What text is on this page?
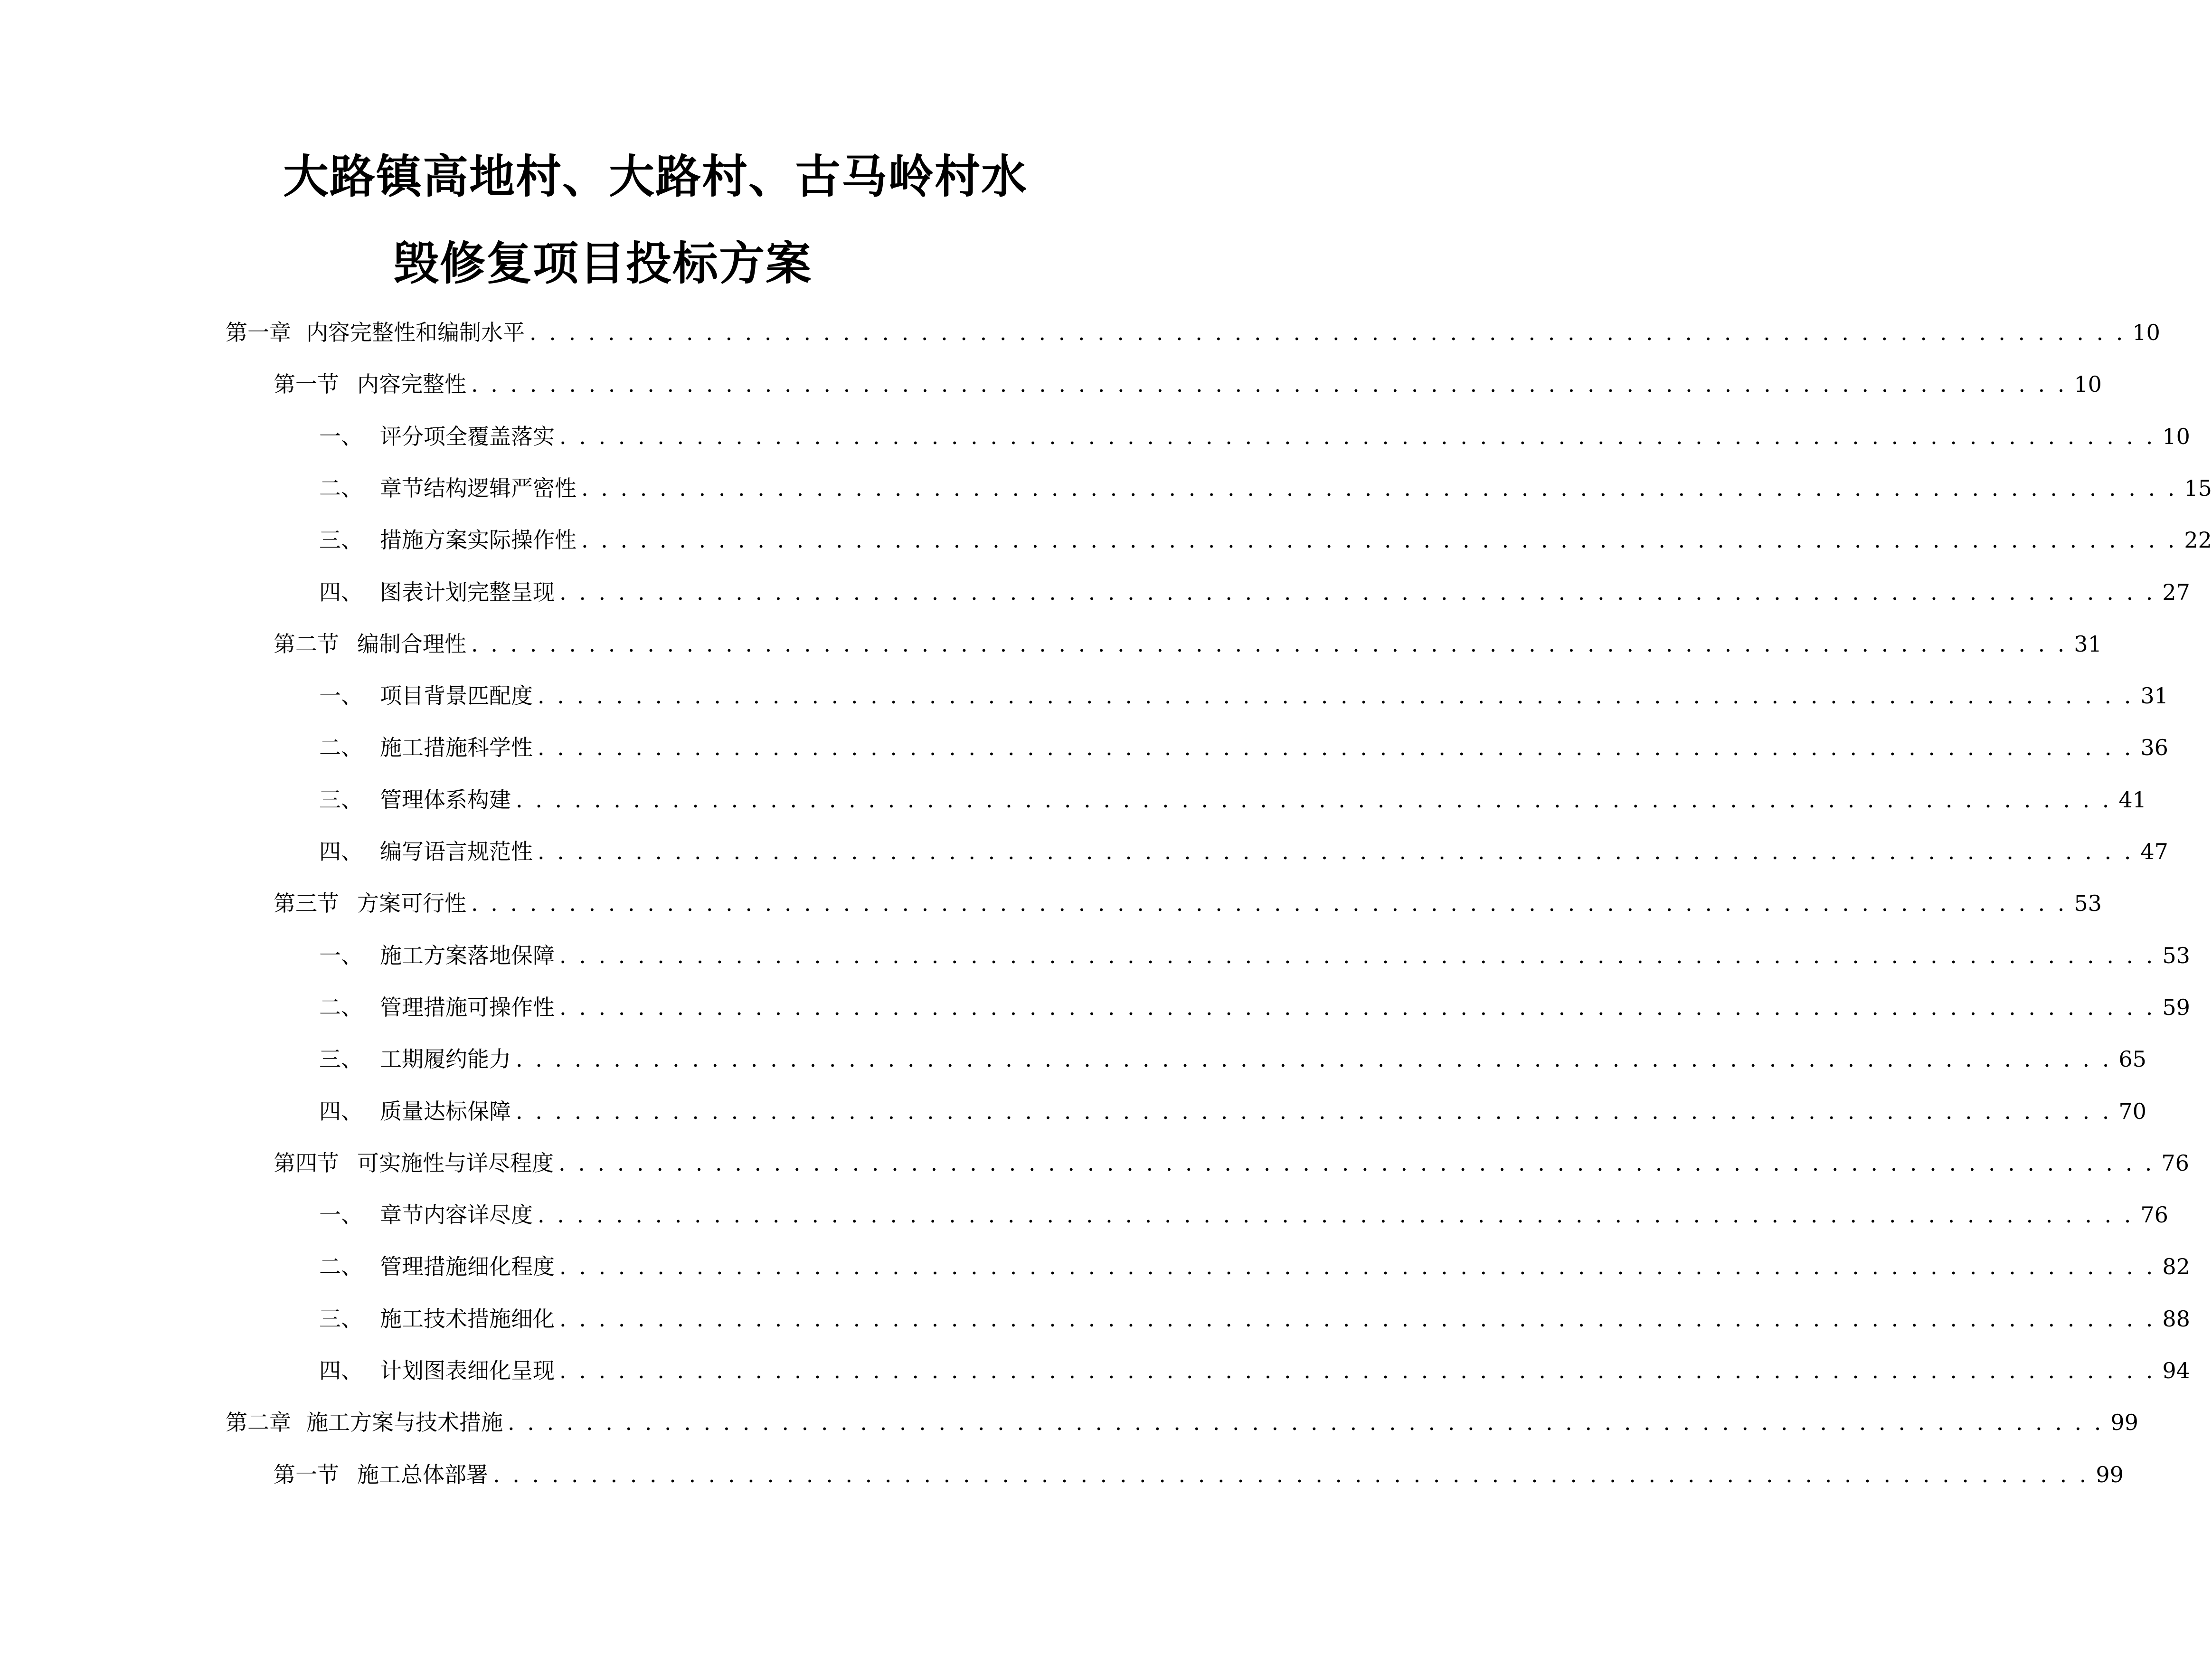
大路镇高地村、大路村、古马岭村水
毁修复项目投标方案
第一章 内容完整性和编制水平 . . . . . . . . . . . . . . . . . . . . . . . . . . . . . . . . . . . . . . . . . . . . . . . . . . . . . . . . . . . . . . . . . . . . . . . . . . . . . . . . . . 10
第一节 内容完整性 . . . . . . . . . . . . . . . . . . . . . . . . . . . . . . . . . . . . . . . . . . . . . . . . . . . . . . . . . . . . . . . . . . . . . . . . . . . . . . . . . . 10
一、 评分项全覆盖落实 . . . . . . . . . . . . . . . . . . . . . . . . . . . . . . . . . . . . . . . . . . . . . . . . . . . . . . . . . . . . . . . . . . . . . . . . . . . . . . . . . . 10
二、 章节结构逻辑严密性 . . . . . . . . . . . . . . . . . . . . . . . . . . . . . . . . . . . . . . . . . . . . . . . . . . . . . . . . . . . . . . . . . . . . . . . . . . . . . . . . . . 15
三、 措施方案实际操作性 . . . . . . . . . . . . . . . . . . . . . . . . . . . . . . . . . . . . . . . . . . . . . . . . . . . . . . . . . . . . . . . . . . . . . . . . . . . . . . . . . . 22
四、 图表计划完整呈现 . . . . . . . . . . . . . . . . . . . . . . . . . . . . . . . . . . . . . . . . . . . . . . . . . . . . . . . . . . . . . . . . . . . . . . . . . . . . . . . . . . 27
第二节 编制合理性 . . . . . . . . . . . . . . . . . . . . . . . . . . . . . . . . . . . . . . . . . . . . . . . . . . . . . . . . . . . . . . . . . . . . . . . . . . . . . . . . . . 31
一、 项目背景匹配度 . . . . . . . . . . . . . . . . . . . . . . . . . . . . . . . . . . . . . . . . . . . . . . . . . . . . . . . . . . . . . . . . . . . . . . . . . . . . . . . . . . 31
二、 施工措施科学性 . . . . . . . . . . . . . . . . . . . . . . . . . . . . . . . . . . . . . . . . . . . . . . . . . . . . . . . . . . . . . . . . . . . . . . . . . . . . . . . . . . 36
三、 管理体系构建 . . . . . . . . . . . . . . . . . . . . . . . . . . . . . . . . . . . . . . . . . . . . . . . . . . . . . . . . . . . . . . . . . . . . . . . . . . . . . . . . . . 41
四、 编写语言规范性 . . . . . . . . . . . . . . . . . . . . . . . . . . . . . . . . . . . . . . . . . . . . . . . . . . . . . . . . . . . . . . . . . . . . . . . . . . . . . . . . . . 47
第三节 方案可行性 . . . . . . . . . . . . . . . . . . . . . . . . . . . . . . . . . . . . . . . . . . . . . . . . . . . . . . . . . . . . . . . . . . . . . . . . . . . . . . . . . . 53
一、 施工方案落地保障 . . . . . . . . . . . . . . . . . . . . . . . . . . . . . . . . . . . . . . . . . . . . . . . . . . . . . . . . . . . . . . . . . . . . . . . . . . . . . . . . . . 53
二、 管理措施可操作性 . . . . . . . . . . . . . . . . . . . . . . . . . . . . . . . . . . . . . . . . . . . . . . . . . . . . . . . . . . . . . . . . . . . . . . . . . . . . . . . . . . 59
三、 工期履约能力 . . . . . . . . . . . . . . . . . . . . . . . . . . . . . . . . . . . . . . . . . . . . . . . . . . . . . . . . . . . . . . . . . . . . . . . . . . . . . . . . . . 65
四、 质量达标保障 . . . . . . . . . . . . . . . . . . . . . . . . . . . . . . . . . . . . . . . . . . . . . . . . . . . . . . . . . . . . . . . . . . . . . . . . . . . . . . . . . . 70
第四节 可实施性与详尽程度 . . . . . . . . . . . . . . . . . . . . . . . . . . . . . . . . . . . . . . . . . . . . . . . . . . . . . . . . . . . . . . . . . . . . . . . . . . . . . . . . . . 76
一、 章节内容详尽度 . . . . . . . . . . . . . . . . . . . . . . . . . . . . . . . . . . . . . . . . . . . . . . . . . . . . . . . . . . . . . . . . . . . . . . . . . . . . . . . . . . 76
二、 管理措施细化程度 . . . . . . . . . . . . . . . . . . . . . . . . . . . . . . . . . . . . . . . . . . . . . . . . . . . . . . . . . . . . . . . . . . . . . . . . . . . . . . . . . . 82
三、 施工技术措施细化 . . . . . . . . . . . . . . . . . . . . . . . . . . . . . . . . . . . . . . . . . . . . . . . . . . . . . . . . . . . . . . . . . . . . . . . . . . . . . . . . . . 88
四、 计划图表细化呈现 . . . . . . . . . . . . . . . . . . . . . . . . . . . . . . . . . . . . . . . . . . . . . . . . . . . . . . . . . . . . . . . . . . . . . . . . . . . . . . . . . . 94
第二章 施工方案与技术措施 . . . . . . . . . . . . . . . . . . . . . . . . . . . . . . . . . . . . . . . . . . . . . . . . . . . . . . . . . . . . . . . . . . . . . . . . . . . . . . . . . . 99
第一节 施工总体部署 . . . . . . . . . . . . . . . . . . . . . . . . . . . . . . . . . . . . . . . . . . . . . . . . . . . . . . . . . . . . . . . . . . . . . . . . . . . . . . . . . . 99
